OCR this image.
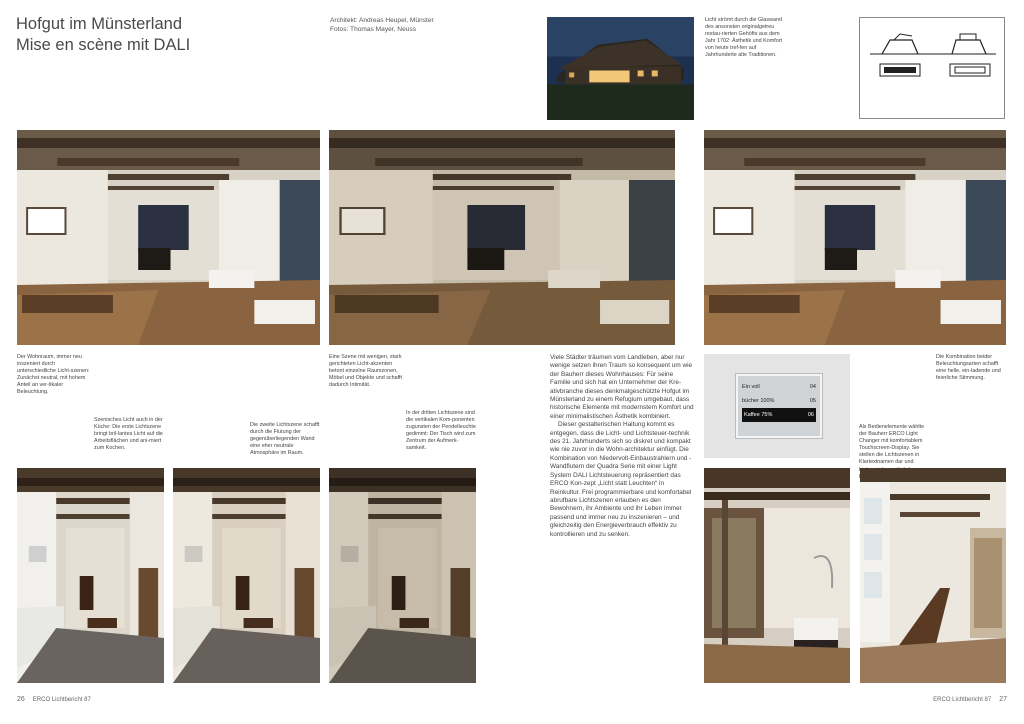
Hofgut im Münsterland
Mise en scène mit DALI
Architekt: Andreas Heupel, Münster
Fotos: Thomas Mayer, Neuss
Licht strömt durch die Glaswand des ansonsten originalgetreu restau-rierten Gehöfts aus dem Jahr 1702: Ästhetik und Komfort von heute tref-fen auf Jahrhunderte alte Traditionen.
Der Wohnraum, immer neu inszeniert durch unterschiedliche Licht-szenen: Zunächst neutral, mit hohem Anteil an ver-tikaler Beleuchtung.
Eine Szene mit wenigen, stark gerichteten Licht-akzenten betont einzelne Raumzonen, Möbel und Objekte und schafft dadurch Intimität.
Die Kombination beider Beleuchtungsarten schafft eine helle, ein-ladende und feierliche Stimmung.
Szenisches Licht auch in der Küche: Die erste Lichtszene bringt bril-lantes Licht auf die Arbeitsflächen und ani-miert zum Kochen.
Die zweite Lichtszene schafft durch die Flutung der gegenüberliegenden Wand eine eher neutrale Atmosphäre im Raum.
In der dritten Lichtszene sind die vertikalen Kom-ponenten zugunsten der Pendelleuchte gedimmt: Der Tisch wird zum Zentrum der Aufmerk-samkeit.

Viele Städter träumen vom Landleben, aber nur wenige setzen ihren Traum so konsequent um wie der Bauherr dieses Wohnhauses: Für seine Familie und sich hat ein Unternehmer der Kre-ativbranche dieses denkmalgeschützte Hofgut im Münsterland zu einem Refugium umgebaut, dass historische Elemente mit modernstem Komfort und einer minimalistischen Ästhetik kombiniert.

Dieser gestalterischen Haltung kommt es entgegen, dass die Licht- und Lichtsteuer-technik des 21. Jahrhunderts sich so diskret und kompakt wie nie zuvor in die Wohn-architektur einfügt. Die Kombination von Niedervolt-Einbaustrahlern und -Wandflutern der Quadra Serie mit einer Light System DALI Lichtsteuerung repräsentiert das ERCO Kon-zept „Licht statt Leuchten“ in Reinkultur. Frei programmierbare und komfortabel abrufbare Lichtszenen erlauben es den Bewohnern, ihr Ambiente und ihr Leben immer passend und immer neu zu inszenieren – und gleichzeitig den Energieverbrauch effektiv zu kontrollieren und zu senken.

Ein voll	04
bücher 100%	05
Kaffee 75%	06
Als Bedienelemente wählte der Bauherr ERCO Light Changer mit komfortablem Touchscreen-Display. Sie stellen die Lichtszenen in Klartextnamen dar und
26 ERCO Lichtbericht 87	ERCO Lichtbericht 87 27
